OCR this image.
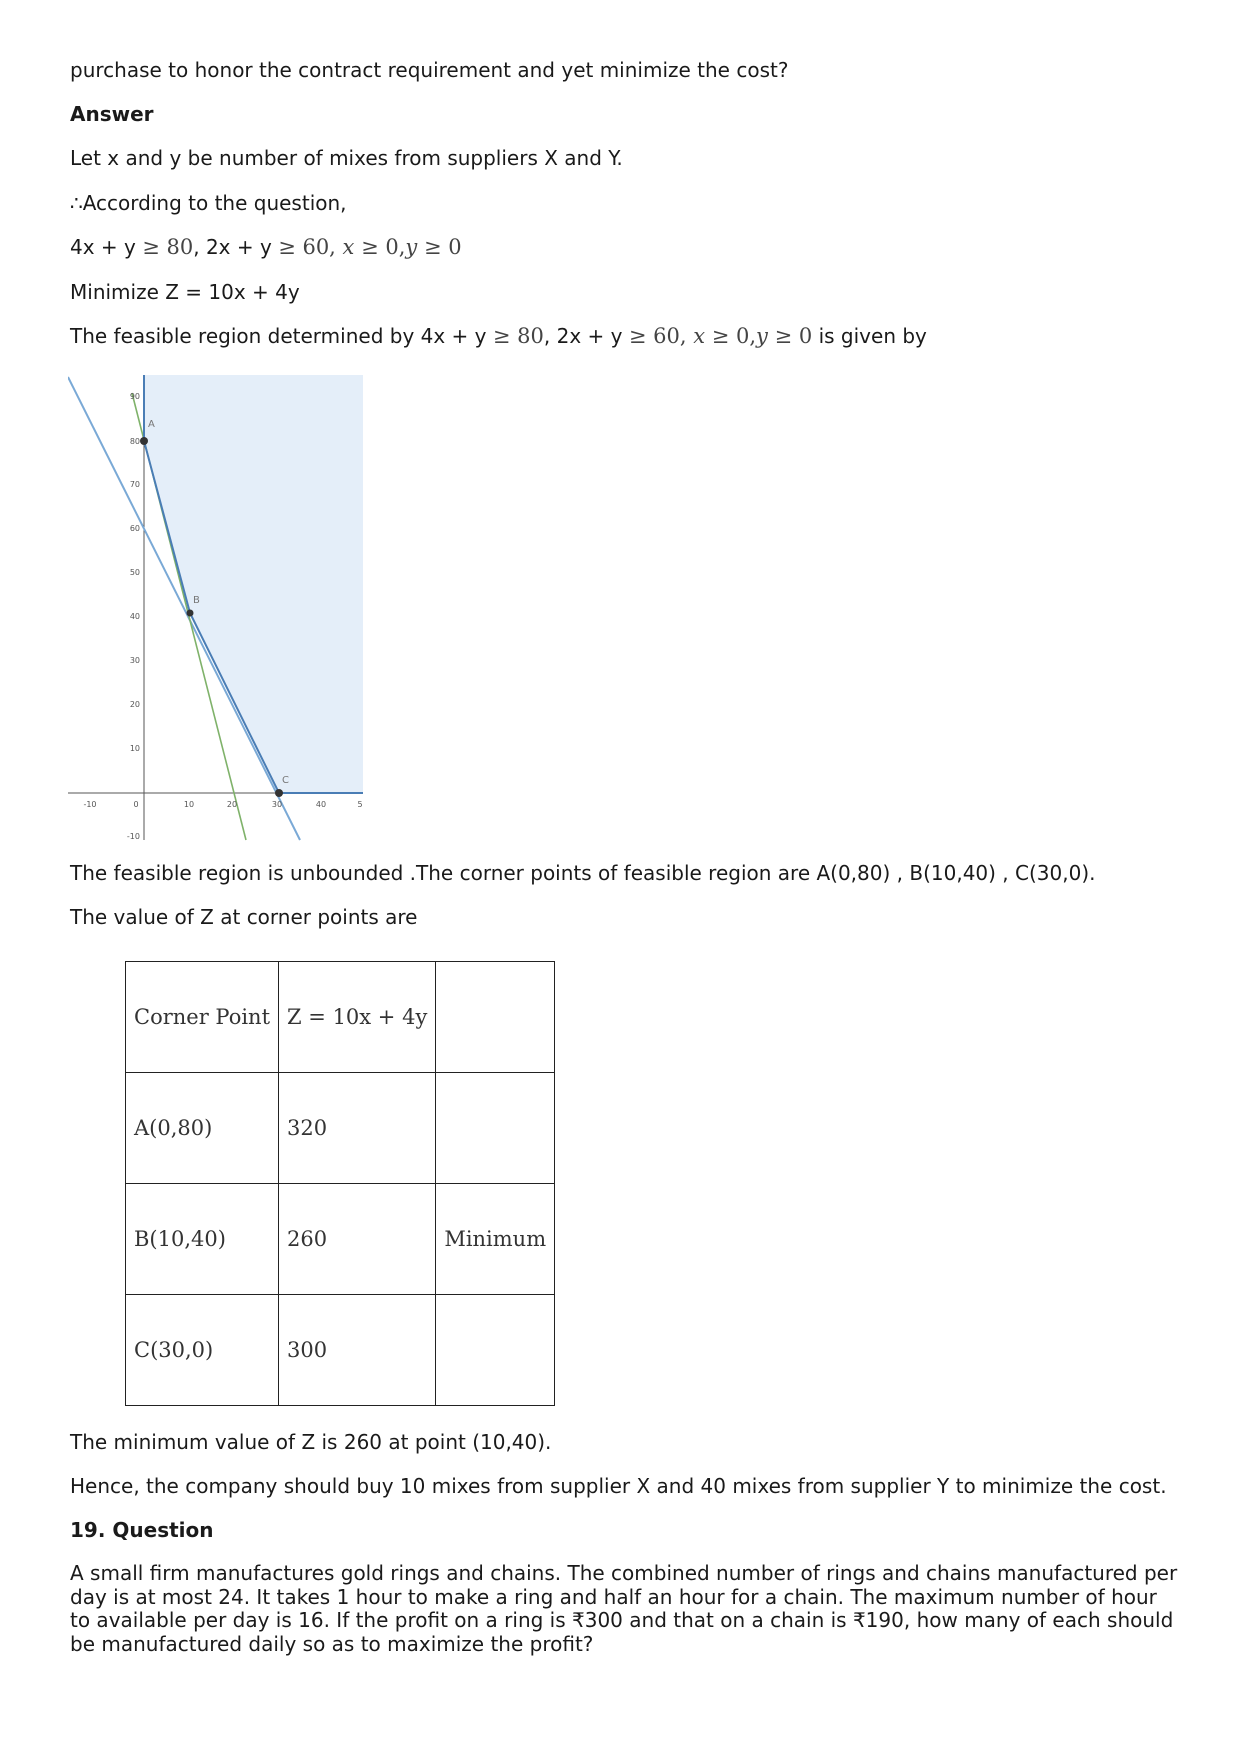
purchase to honor the contract requirement and yet minimize the cost?
Answer
Let x and y be number of mixes from suppliers X and Y.
∴According to the question,
4x + y ≥ 80, 2x + y ≥ 60, x ≥ 0,y ≥ 0
Minimize Z = 10x + 4y
The feasible region determined by 4x + y ≥ 80, 2x + y ≥ 60, x ≥ 0,y ≥ 0 is given by
-10	0	10	20	30	40	5
90
80
70
60
50
40
30
20
10
-10
A
B
C
The feasible region is unbounded .The corner points of feasible region are A(0,80) , B(10,40) , C(30,0).
The value of Z at corner points are
Corner Point	Z = 10x + 4y	
A(0,80)	320	
B(10,40)	260	Minimum
C(30,0)	300	
The minimum value of Z is 260 at point (10,40).
Hence, the company should buy 10 mixes from supplier X and 40 mixes from supplier Y to minimize the cost.
19. Question
A small firm manufactures gold rings and chains. The combined number of rings and chains manufactured per day is at most 24. It takes 1 hour to make a ring and half an hour for a chain. The maximum number of hour to available per day is 16. If the profit on a ring is ₹300 and that on a chain is ₹190, how many of each should be manufactured daily so as to maximize the profit?
